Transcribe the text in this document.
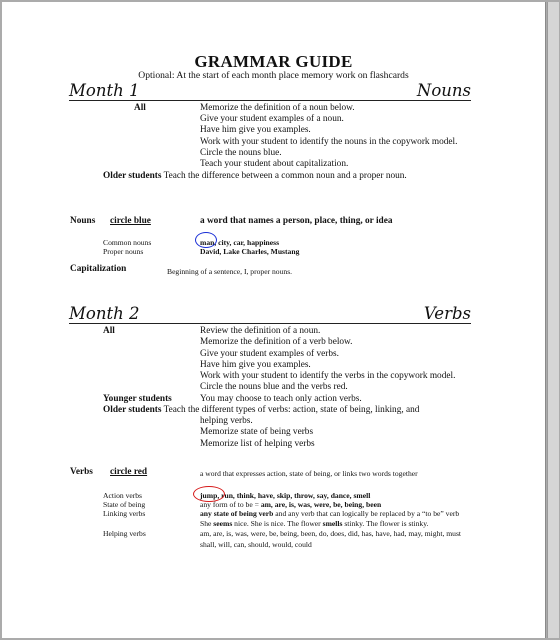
GRAMMAR GUIDE
Optional: At the start of each month place memory work on flashcards
Month 1	Nouns
All	Memorize the definition of a noun below.
Give your student examples of a noun.
Have him give you examples.
Work with your student to identify the nouns in the copywork model.
Circle the nouns blue.
Teach your student about capitalization.
Older students Teach the difference between a common noun and a proper noun.
Nouns circle blue	a word that names a person, place, thing, or idea
Common nouns	man, city, car, happiness
Proper nouns	David, Lake Charles, Mustang
Capitalization	Beginning of a sentence, I, proper nouns.
Month 2	Verbs
All	Review the definition of a noun.
Memorize the definition of a verb below.
Give your student examples of verbs.
Have him give you examples.
Work with your student to identify the verbs in the copywork model.
Circle the nouns blue and the verbs red.
Younger students	You may choose to teach only action verbs.
Older students Teach the different types of verbs: action, state of being, linking, and
helping verbs.
Memorize state of being verbs
Memorize list of helping verbs
Verbs circle red	a word that expresses action, state of being, or links two words together
Action verbs	jump, run, think, have, skip, throw, say, dance, smell
State of being	any form of to be = am, are, is, was, were, be, being, been
Linking verbs	any state of being verb and any verb that can logically be replaced by a “to be” verb
She seems nice. She is nice. The flower smells stinky. The flower is stinky.
Helping verbs	am, are, is, was, were, be, being, been, do, does, did, has, have, had, may, might, must
shall, will, can, should, would, could
